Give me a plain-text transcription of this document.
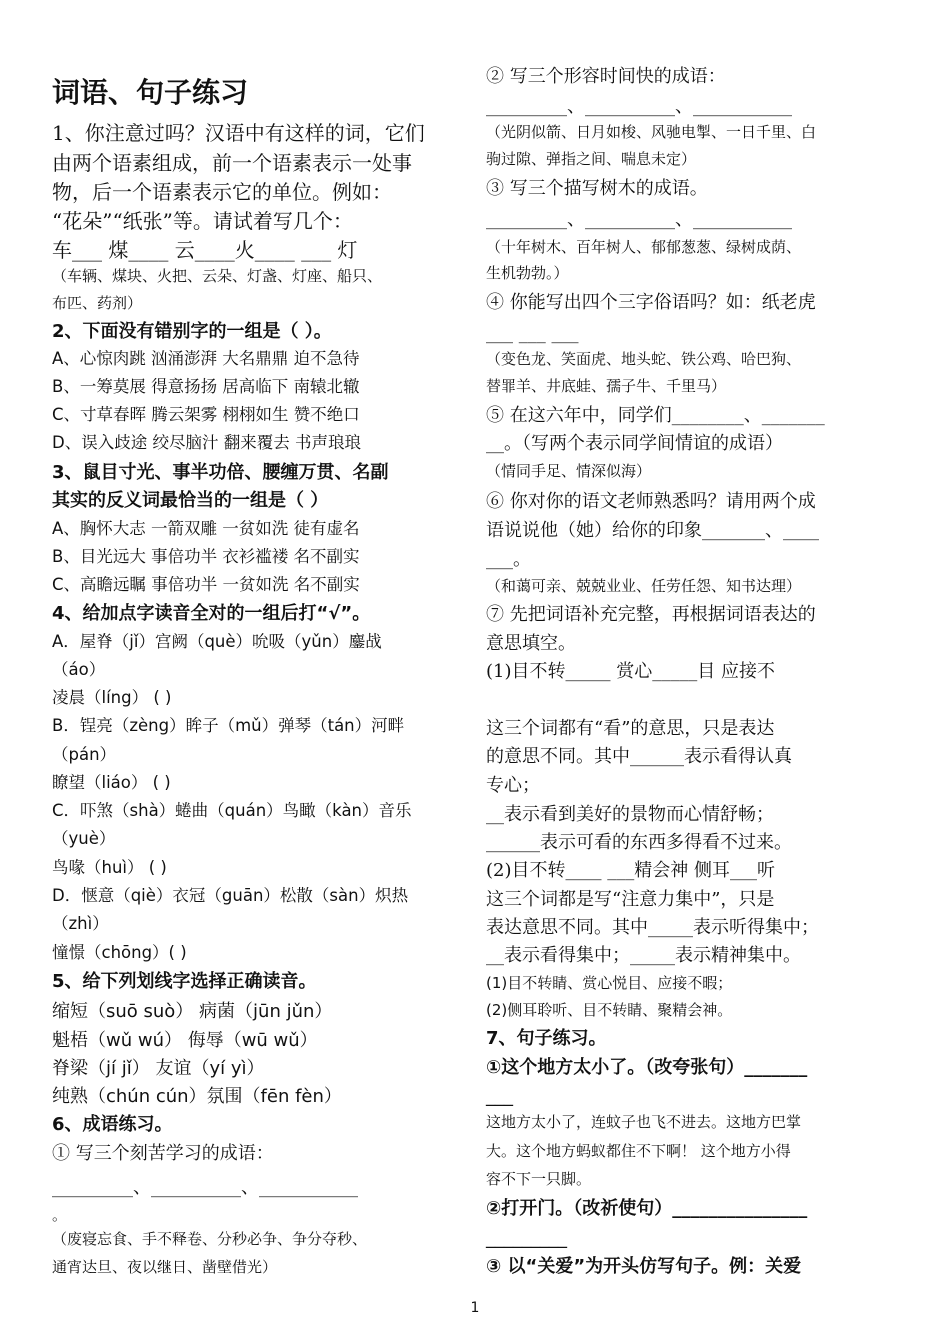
词语、句子练习
1、你注意过吗？汉语中有这样的词，它们
由两个语素组成，前一个语素表示一处事
物，后一个语素表示它的单位。例如：
“花朵”“纸张”等。请试着写几个：
车___ 煤____ 云____火____ ___ 灯
（车辆、煤块、火把、云朵、灯盏、灯座、船只、
布匹、药剂）
2、下面没有错别字的一组是（ ）。
A、心惊肉跳 汹涌澎湃 大名鼎鼎 迫不急待
B、一筹莫展 得意扬扬 居高临下 南辕北辙
C、寸草春晖 腾云架雾 栩栩如生 赞不绝口
D、误入歧途 绞尽脑汁 翻来覆去 书声琅琅
3、鼠目寸光、事半功倍、腰缠万贯、名副
其实的反义词最恰当的一组是（ ）
A、胸怀大志 一箭双雕 一贫如洗 徒有虚名
B、目光远大 事倍功半 衣衫褴褛 名不副实
C、高瞻远瞩 事倍功半 一贫如洗 名不副实
4、给加点字读音全对的一组后打“√”。
A．屋脊（jǐ）宫阙（què）吮吸（yǔn）鏖战
（áo）
凌晨（líng） ( )
B．锃亮（zèng）眸子（mǔ）弹琴（tán）河畔
（pán）
瞭望（liáo） ( )
C．吓煞（shà）蜷曲（quán）鸟瞰（kàn）音乐
（yuè）
鸟喙（huì） ( )
D．惬意（qiè）衣冠（guān）松散（sàn）炽热
（zhì）
憧憬（chōng）( )
5、给下列划线字选择正确读音。
缩短（suō suò） 病菌（jūn jǔn）
魁梧（wǔ wú） 侮辱（wū wǔ）
脊梁（jí jǐ） 友谊（yí yì）
纯熟（chún cún）氛围（fēn fèn）
6、成语练习。
① 写三个刻苦学习的成语：
_________、__________、___________
。
（废寝忘食、手不释卷、分秒必争、争分夺秒、
通宵达旦、夜以继日、凿壁借光）
② 写三个形容时间快的成语：
_________、__________、___________
（光阴似箭、日月如梭、风驰电掣、一日千里、白
驹过隙、弹指之间、喘息未定）
③ 写三个描写树木的成语。
_________、__________、___________
（十年树木、百年树人、郁郁葱葱、绿树成荫、
生机勃勃。）
④ 你能写出四个三字俗语吗？如：纸老虎
___ ___ ___
（变色龙、笑面虎、地头蛇、铁公鸡、哈巴狗、
替罪羊、井底蛙、孺子牛、千里马）
⑤ 在这六年中，同学们________、_______
__。（写两个表示同学间情谊的成语）
（情同手足、情深似海）
⑥ 你对你的语文老师熟悉吗？请用两个成
语说说他（她）给你的印象_______、____
___。
（和蔼可亲、兢兢业业、任劳任怨、知书达理）
⑦ 先把词语补充完整，再根据词语表达的
意思填空。
(1)目不转_____ 赏心_____目 应接不
这三个词都有“看”的意思，只是表达
的意思不同。其中______表示看得认真
专心；
__表示看到美好的景物而心情舒畅；
______表示可看的东西多得看不过来。
(2)目不转____ ___精会神 侧耳___听
这三个词都是写“注意力集中”，只是
表达意思不同。其中_____表示听得集中；
__表示看得集中；_____表示精神集中。
(1)目不转睛、赏心悦目、应接不暇；
(2)侧耳聆听、目不转睛、聚精会神。
7、句子练习。
①这个地方太小了。（改夸张句）_______
___
这地方太小了，连蚊子也飞不进去。这地方巴掌
大。这个地方蚂蚁都住不下啊！ 这个地方小得
容不下一只脚。
②打开门。（改祈使句）_______________
_________
③ 以“关爱”为开头仿写句子。例：关爱
1
